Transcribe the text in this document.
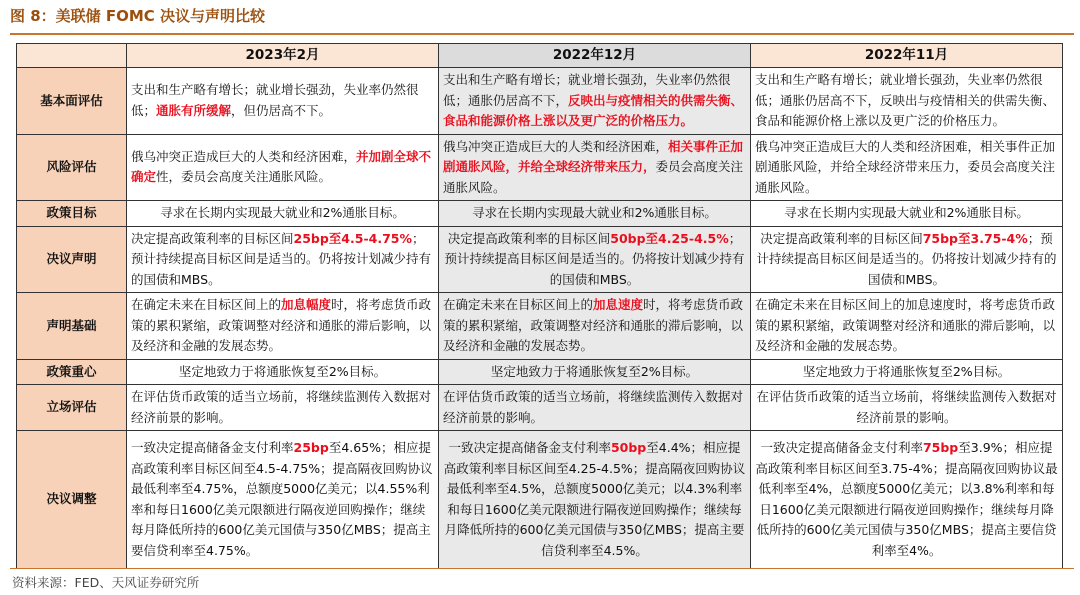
图 8：美联储 FOMC 决议与声明比较
	2023年2月	2022年12月	2022年11月
基本面评估	支出和生产略有增长；就业增长强劲，失业率仍然很低；通胀有所缓解，但仍居高不下。	支出和生产略有增长；就业增长强劲，失业率仍然很低；通胀仍居高不下，反映出与疫情相关的供需失衡、食品和能源价格上涨以及更广泛的价格压力。	支出和生产略有增长；就业增长强劲，失业率仍然很低；通胀仍居高不下，反映出与疫情相关的供需失衡、食品和能源价格上涨以及更广泛的价格压力。
风险评估	俄乌冲突正造成巨大的人类和经济困难，并加剧全球不确定性，委员会高度关注通胀风险。	俄乌冲突正造成巨大的人类和经济困难，相关事件正加剧通胀风险，并给全球经济带来压力，委员会高度关注通胀风险。	俄乌冲突正造成巨大的人类和经济困难，相关事件正加剧通胀风险，并给全球经济带来压力，委员会高度关注通胀风险。
政策目标	寻求在长期内实现最大就业和2%通胀目标。	寻求在长期内实现最大就业和2%通胀目标。	寻求在长期内实现最大就业和2%通胀目标。
决议声明	决定提高政策利率的目标区间25bp至4.5-4.75%；预计持续提高目标区间是适当的。仍将按计划减少持有的国债和MBS。	决定提高政策利率的目标区间50bp至4.25-4.5%；预计持续提高目标区间是适当的。仍将按计划减少持有的国债和MBS。	决定提高政策利率的目标区间75bp至3.75-4%；预计持续提高目标区间是适当的。仍将按计划减少持有的国债和MBS。
声明基础	在确定未来在目标区间上的加息幅度时，将考虑货币政策的累积紧缩，政策调整对经济和通胀的滞后影响，以及经济和金融的发展态势。	在确定未来在目标区间上的加息速度时，将考虑货币政策的累积紧缩，政策调整对经济和通胀的滞后影响，以及经济和金融的发展态势。	在确定未来在目标区间上的加息速度时，将考虑货币政策的累积紧缩，政策调整对经济和通胀的滞后影响，以及经济和金融的发展态势。
政策重心	坚定地致力于将通胀恢复至2%目标。	坚定地致力于将通胀恢复至2%目标。	坚定地致力于将通胀恢复至2%目标。
立场评估	在评估货币政策的适当立场前，将继续监测传入数据对经济前景的影响。	在评估货币政策的适当立场前，将继续监测传入数据对经济前景的影响。	在评估货币政策的适当立场前，将继续监测传入数据对经济前景的影响。
决议调整	一致决定提高储备金支付利率25bp至4.65%；相应提高政策利率目标区间至4.5-4.75%；提高隔夜回购协议最低利率至4.75%，总额度5000亿美元；以4.55%利率和每日1600亿美元限额进行隔夜逆回购操作；继续每月降低所持的600亿美元国债与350亿MBS；提高主要信贷利率至4.75%。	一致决定提高储备金支付利率50bp至4.4%；相应提高政策利率目标区间至4.25-4.5%；提高隔夜回购协议最低利率至4.5%，总额度5000亿美元；以4.3%利率和每日1600亿美元限额进行隔夜逆回购操作；继续每月降低所持的600亿美元国债与350亿MBS；提高主要信贷利率至4.5%。	一致决定提高储备金支付利率75bp至3.9%；相应提高政策利率目标区间至3.75-4%；提高隔夜回购协议最低利率至4%，总额度5000亿美元；以3.8%利率和每日1600亿美元限额进行隔夜逆回购操作；继续每月降低所持的600亿美元国债与350亿MBS；提高主要信贷利率至4%。
资料来源：FED、天风证券研究所
